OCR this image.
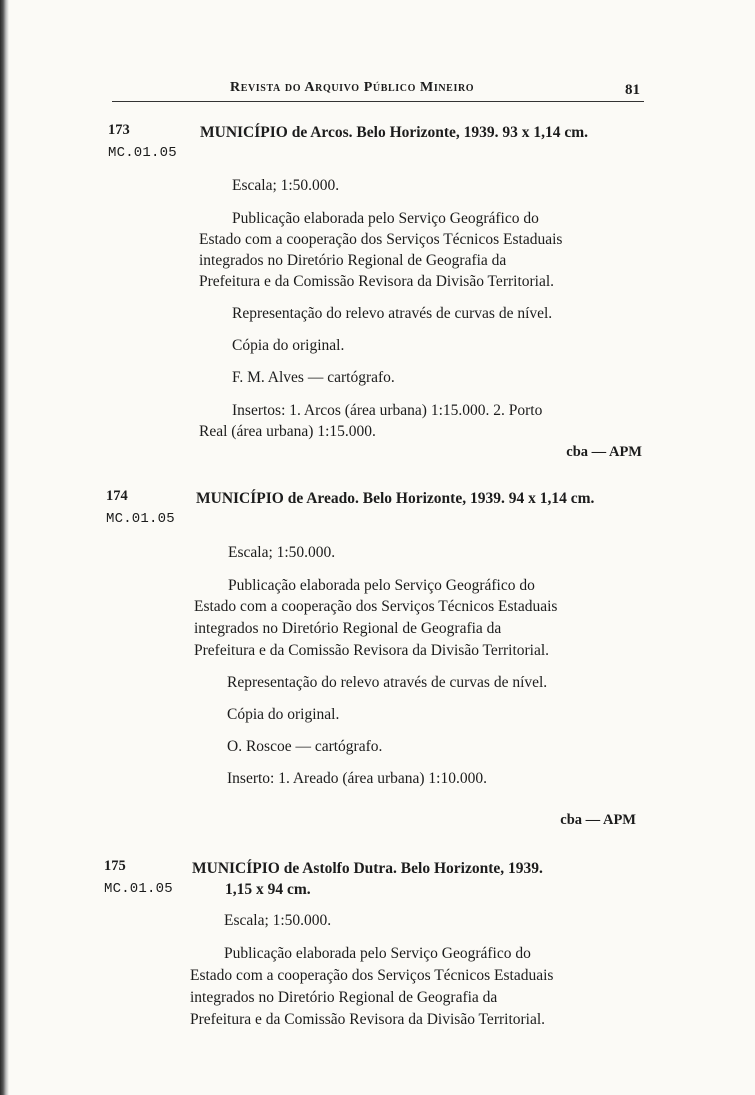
Revista do Arquivo Público Mineiro	81
173
MC.01.05
MUNICÍPIO de Arcos. Belo Horizonte, 1939. 93 x 1,14 cm.
Escala; 1:50.000.
Publicação elaborada pelo Serviço Geográfico do
Estado com a cooperação dos Serviços Técnicos Estaduais
integrados no Diretório Regional de Geografia da
Prefeitura e da Comissão Revisora da Divisão Territorial.
Representação do relevo através de curvas de nível.
Cópia do original.
F. M. Alves — cartógrafo.
Insertos: 1. Arcos (área urbana) 1:15.000. 2. Porto
Real (área urbana) 1:15.000.
cba — APM
174
MC.01.05
MUNICÍPIO de Areado. Belo Horizonte, 1939. 94 x 1,14 cm.
Escala; 1:50.000.
Publicação elaborada pelo Serviço Geográfico do
Estado com a cooperação dos Serviços Técnicos Estaduais
integrados no Diretório Regional de Geografia da
Prefeitura e da Comissão Revisora da Divisão Territorial.
Representação do relevo através de curvas de nível.
Cópia do original.
O. Roscoe — cartógrafo.
Inserto: 1. Areado (área urbana) 1:10.000.
cba — APM
175
MC.01.05
MUNICÍPIO de Astolfo Dutra. Belo Horizonte, 1939.
1,15 x 94 cm.
Escala; 1:50.000.
Publicação elaborada pelo Serviço Geográfico do
Estado com a cooperação dos Serviços Técnicos Estaduais
integrados no Diretório Regional de Geografia da
Prefeitura e da Comissão Revisora da Divisão Territorial.
